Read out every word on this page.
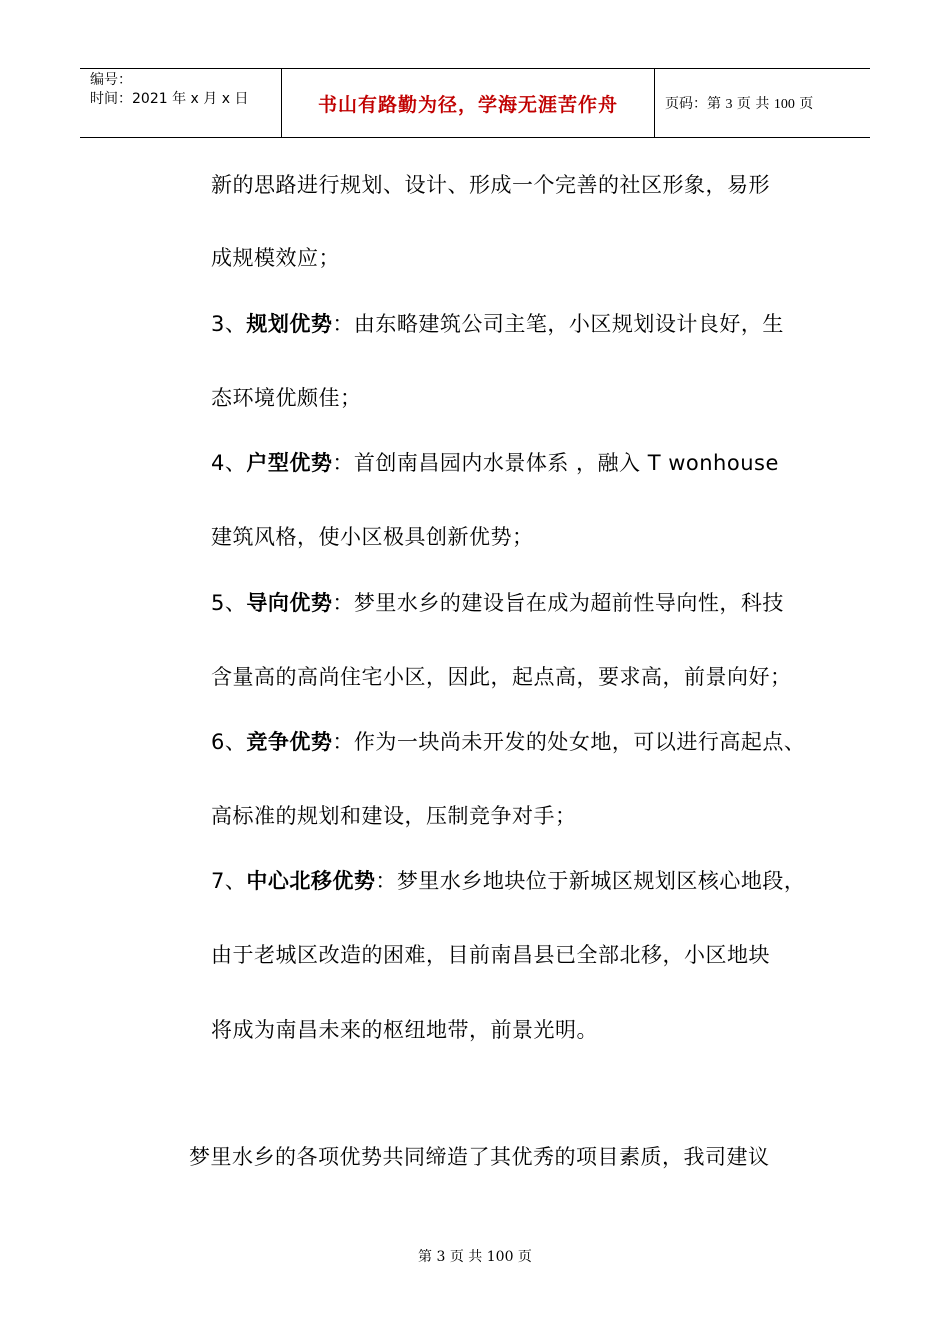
编号：
时间：2021 年 x 月 x 日	书山有路勤为径，学海无涯苦作舟	页码：第 3 页 共 100 页
新的思路进行规划、设计、形成一个完善的社区形象，易形
成规模效应；
3、规划优势：由东略建筑公司主笔，小区规划设计良好，生
态环境优颇佳；
4、户型优势：首创南昌园内水景体系 ，融入 T wonhouse
建筑风格，使小区极具创新优势；
5、导向优势：梦里水乡的建设旨在成为超前性导向性，科技
含量高的高尚住宅小区，因此，起点高，要求高，前景向好；
6、竞争优势：作为一块尚未开发的处女地，可以进行高起点、
高标准的规划和建设，压制竞争对手；
7、中心北移优势：梦里水乡地块位于新城区规划区核心地段，
由于老城区改造的困难，目前南昌县已全部北移，小区地块
将成为南昌未来的枢纽地带，前景光明。
梦里水乡的各项优势共同缔造了其优秀的项目素质，我司建议
第 3 页 共 100 页
